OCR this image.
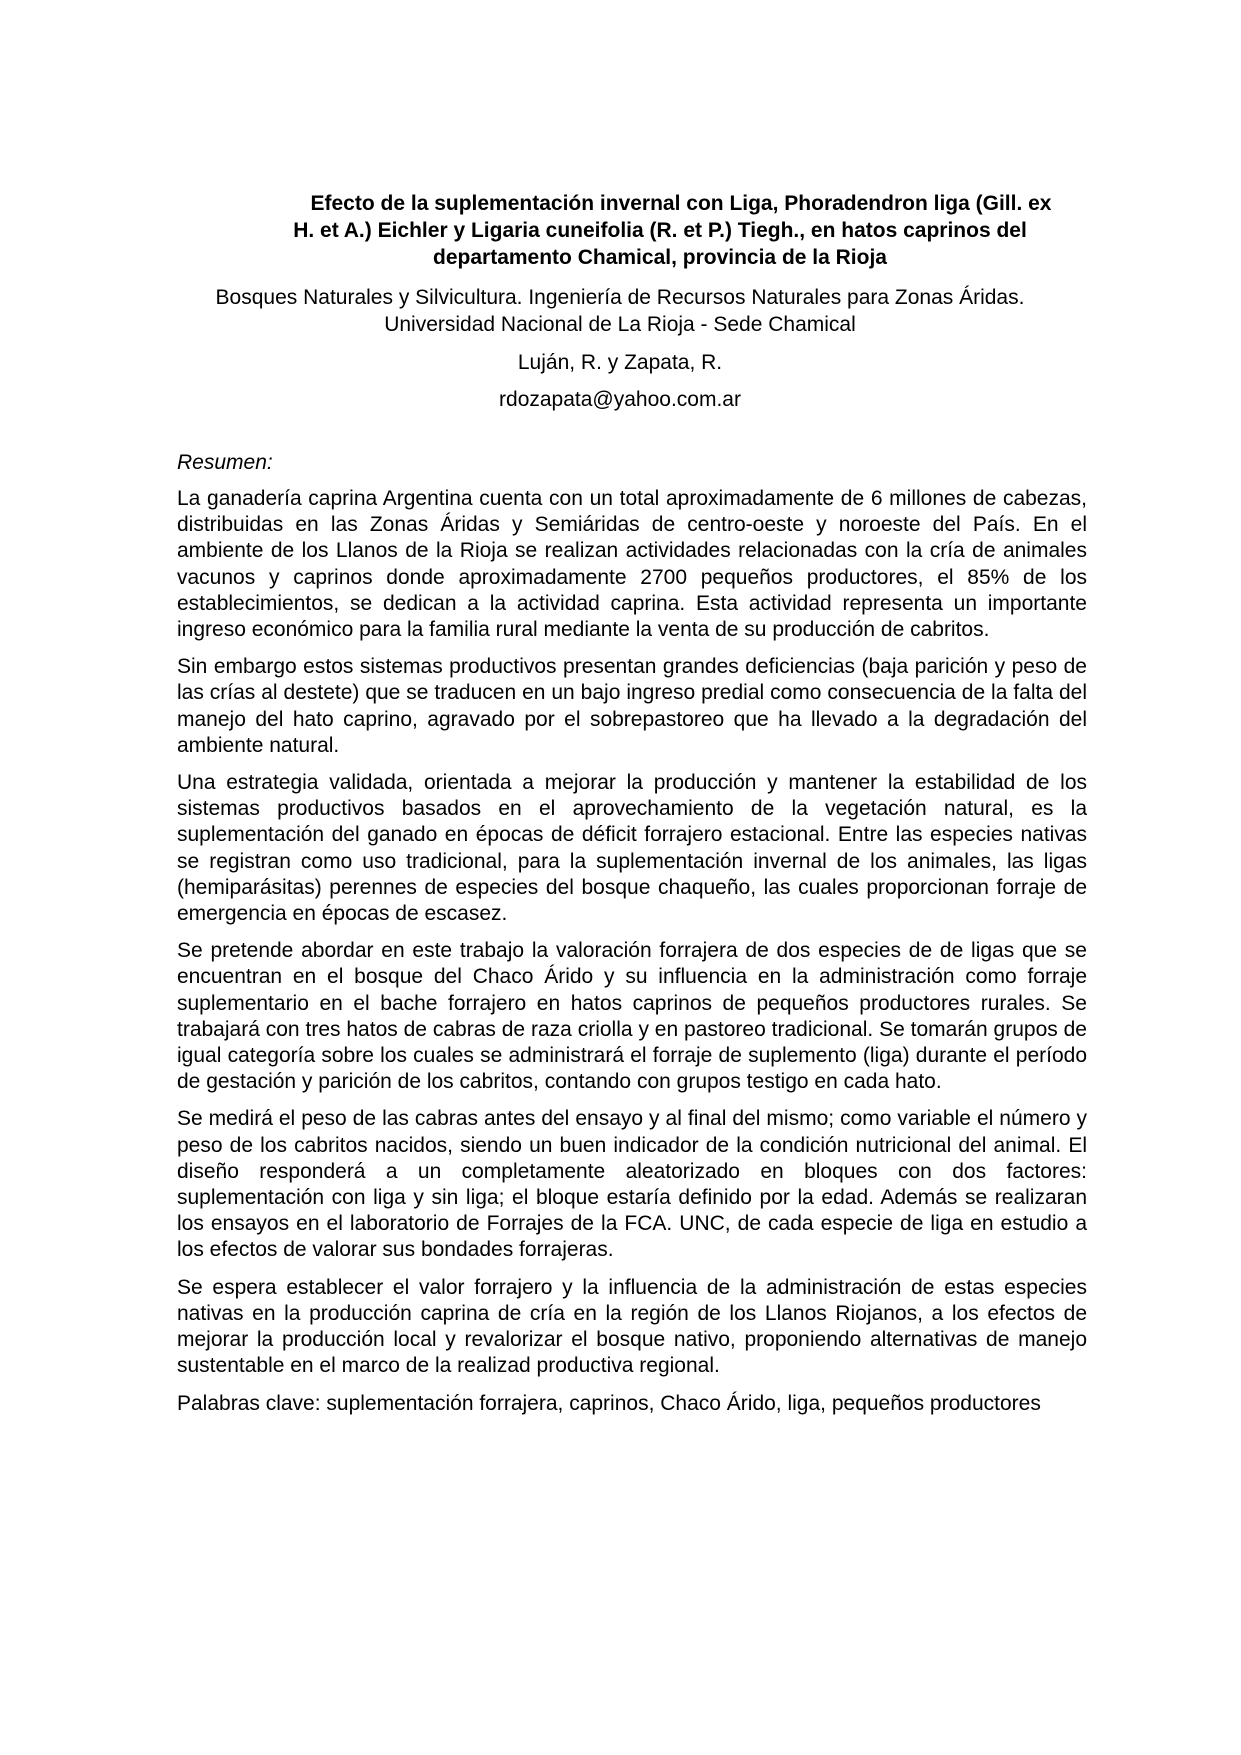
Efecto de la suplementación invernal con Liga, Phoradendron liga (Gill. ex
H. et A.) Eichler y Ligaria cuneifolia (R. et P.) Tiegh., en hatos caprinos del
departamento Chamical, provincia de la Rioja
Bosques Naturales y Silvicultura. Ingeniería de Recursos Naturales para Zonas Áridas.
Universidad Nacional de La Rioja - Sede Chamical
Luján, R. y Zapata, R.
rdozapata@yahoo.com.ar
Resumen:

La ganadería caprina Argentina cuenta con un total aproximadamente de 6 millones de cabezas, distribuidas en las Zonas Áridas y Semiáridas de centro-oeste y noroeste del País. En el ambiente de los Llanos de la Rioja se realizan actividades relacionadas con la cría de animales vacunos y caprinos donde aproximadamente 2700 pequeños productores, el 85% de los establecimientos, se dedican a la actividad caprina. Esta actividad representa un importante ingreso económico para la familia rural mediante la venta de su producción de cabritos.

Sin embargo estos sistemas productivos presentan grandes deficiencias (baja parición y peso de las crías al destete) que se traducen en un bajo ingreso predial como consecuencia de la falta del manejo del hato caprino, agravado por el sobrepastoreo que ha llevado a la degradación del ambiente natural.

Una estrategia validada, orientada a mejorar la producción y mantener la estabilidad de los sistemas productivos basados en el aprovechamiento de la vegetación natural, es la suplementación del ganado en épocas de déficit forrajero estacional. Entre las especies nativas se registran como uso tradicional, para la suplementación invernal de los animales, las ligas (hemiparásitas) perennes de especies del bosque chaqueño, las cuales proporcionan forraje de emergencia en épocas de escasez.

Se pretende abordar en este trabajo la valoración forrajera de dos especies de de ligas que se encuentran en el bosque del Chaco Árido y su influencia en la administración como forraje suplementario en el bache forrajero en hatos caprinos de pequeños productores rurales. Se trabajará con tres hatos de cabras de raza criolla y en pastoreo tradicional. Se tomarán grupos de igual categoría sobre los cuales se administrará el forraje de suplemento (liga) durante el período de gestación y parición de los cabritos, contando con grupos testigo en cada hato.

Se medirá el peso de las cabras antes del ensayo y al final del mismo; como variable el número y peso de los cabritos nacidos, siendo un buen indicador de la condición nutricional del animal. El diseño responderá a un completamente aleatorizado en bloques con dos factores: suplementación con liga y sin liga; el bloque estaría definido por la edad. Además se realizaran los ensayos en el laboratorio de Forrajes de la FCA. UNC, de cada especie de liga en estudio a los efectos de valorar sus bondades forrajeras.

Se espera establecer el valor forrajero y la influencia de la administración de estas especies nativas en la producción caprina de cría en la región de los Llanos Riojanos, a los efectos de mejorar la producción local y revalorizar el bosque nativo, proponiendo alternativas de manejo sustentable en el marco de la realizad productiva regional.

Palabras clave: suplementación forrajera, caprinos, Chaco Árido, liga, pequeños productores
